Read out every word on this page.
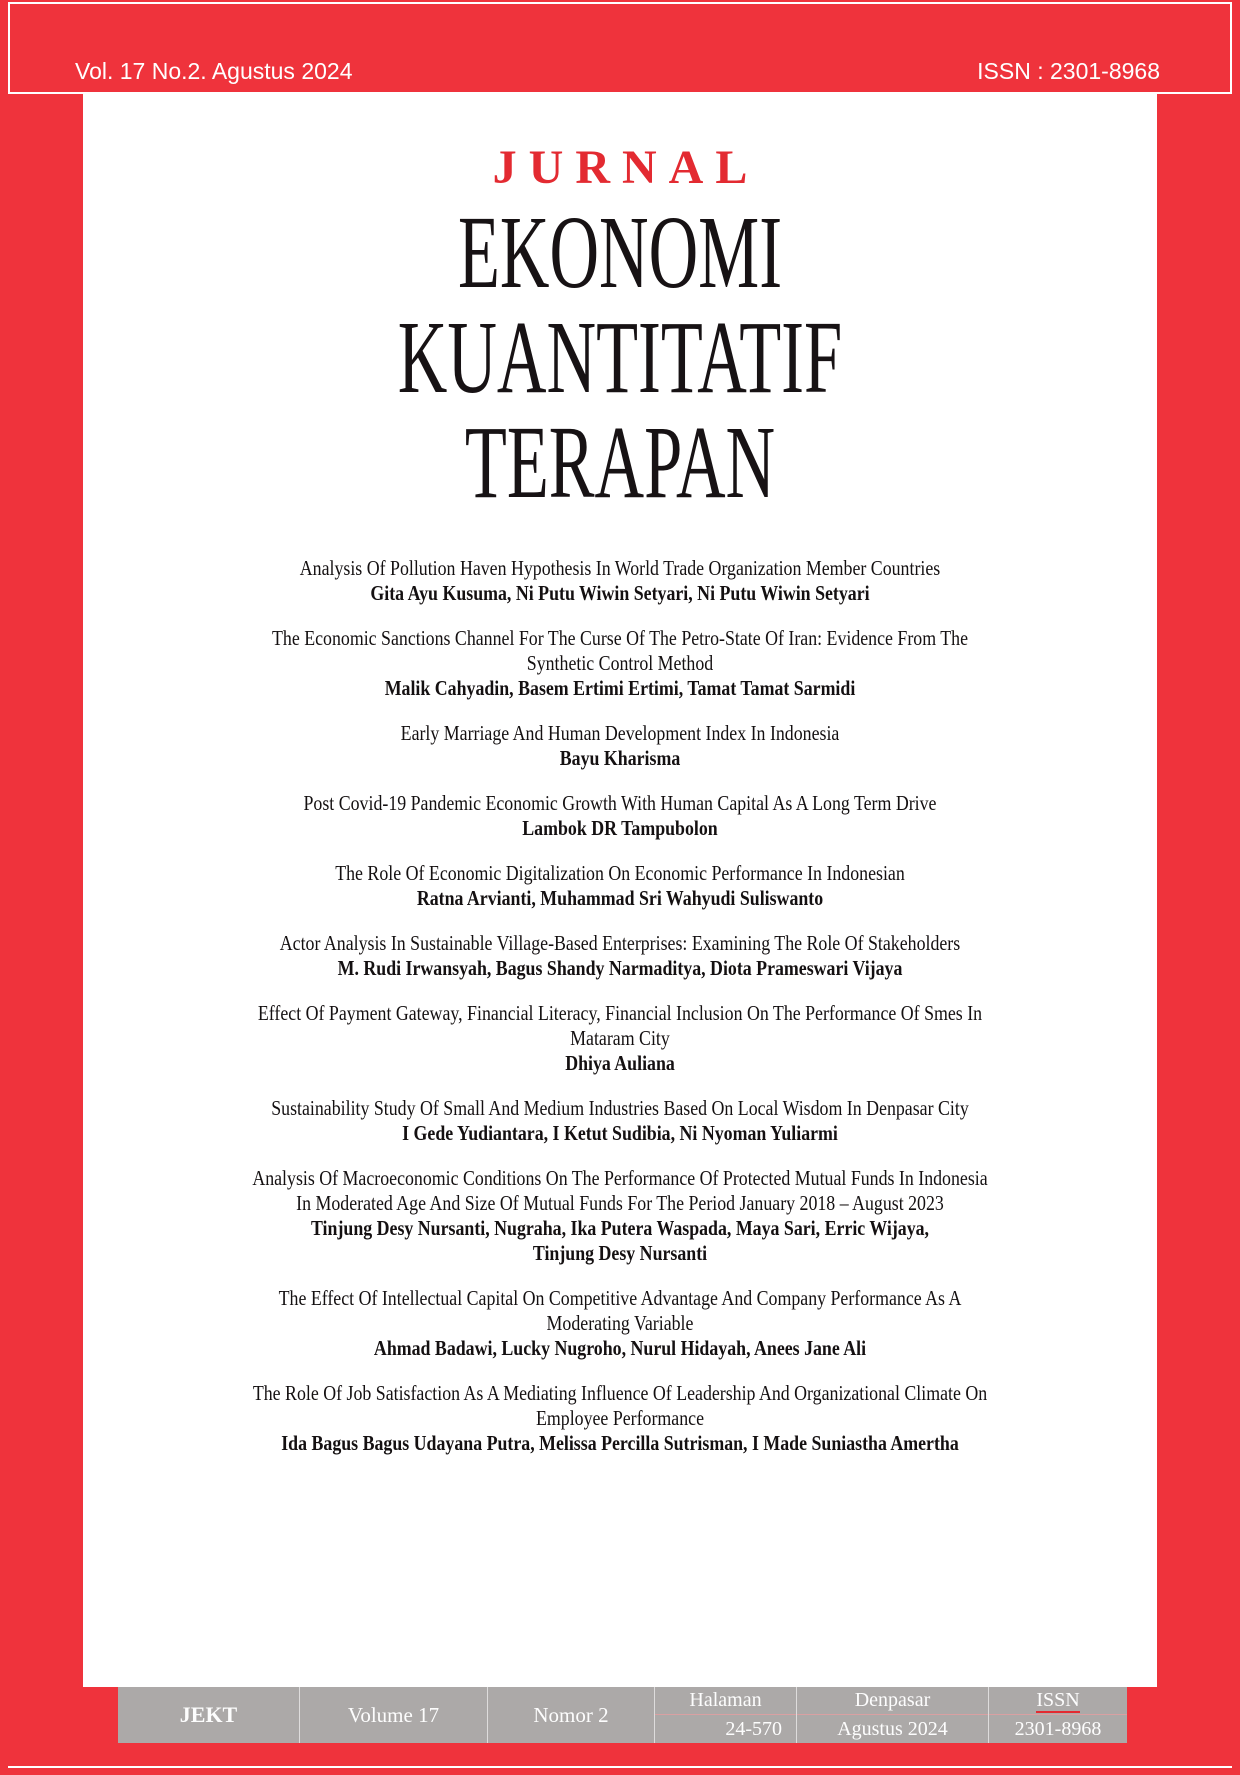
Vol. 17 No.2. Agustus 2024	ISSN : 2301-8968
JURNAL
EKONOMI
KUANTITATIF
TERAPAN
Analysis Of Pollution Haven Hypothesis In World Trade Organization Member Countries
Gita Ayu Kusuma, Ni Putu Wiwin Setyari, Ni Putu Wiwin Setyari
The Economic Sanctions Channel For The Curse Of The Petro-State Of Iran: Evidence From The
Synthetic Control Method
Malik Cahyadin, Basem Ertimi Ertimi, Tamat Tamat Sarmidi
Early Marriage And Human Development Index In Indonesia
Bayu Kharisma
Post Covid-19 Pandemic Economic Growth With Human Capital As A Long Term Drive
Lambok DR Tampubolon
The Role Of Economic Digitalization On Economic Performance In Indonesian
Ratna Arvianti, Muhammad Sri Wahyudi Suliswanto
Actor Analysis In Sustainable Village-Based Enterprises: Examining The Role Of Stakeholders
M. Rudi Irwansyah, Bagus Shandy Narmaditya, Diota Prameswari Vijaya
Effect Of Payment Gateway, Financial Literacy, Financial Inclusion On The Performance Of Smes In
Mataram City
Dhiya Auliana
Sustainability Study Of Small And Medium Industries Based On Local Wisdom In Denpasar City
I Gede Yudiantara, I Ketut Sudibia, Ni Nyoman Yuliarmi
Analysis Of Macroeconomic Conditions On The Performance Of Protected Mutual Funds In Indonesia
In Moderated Age And Size Of Mutual Funds For The Period January 2018 – August 2023
Tinjung Desy Nursanti, Nugraha, Ika Putera Waspada, Maya Sari, Erric Wijaya,
Tinjung Desy Nursanti
The Effect Of Intellectual Capital On Competitive Advantage And Company Performance As A
Moderating Variable
Ahmad Badawi, Lucky Nugroho, Nurul Hidayah, Anees Jane Ali
The Role Of Job Satisfaction As A Mediating Influence Of Leadership And Organizational Climate On
Employee Performance
Ida Bagus Bagus Udayana Putra, Melissa Percilla Sutrisman, I Made Suniastha Amertha
JEKT	Volume 17	Nomor 2
Halaman
24-570
Denpasar
Agustus 2024
ISSN
2301-8968
